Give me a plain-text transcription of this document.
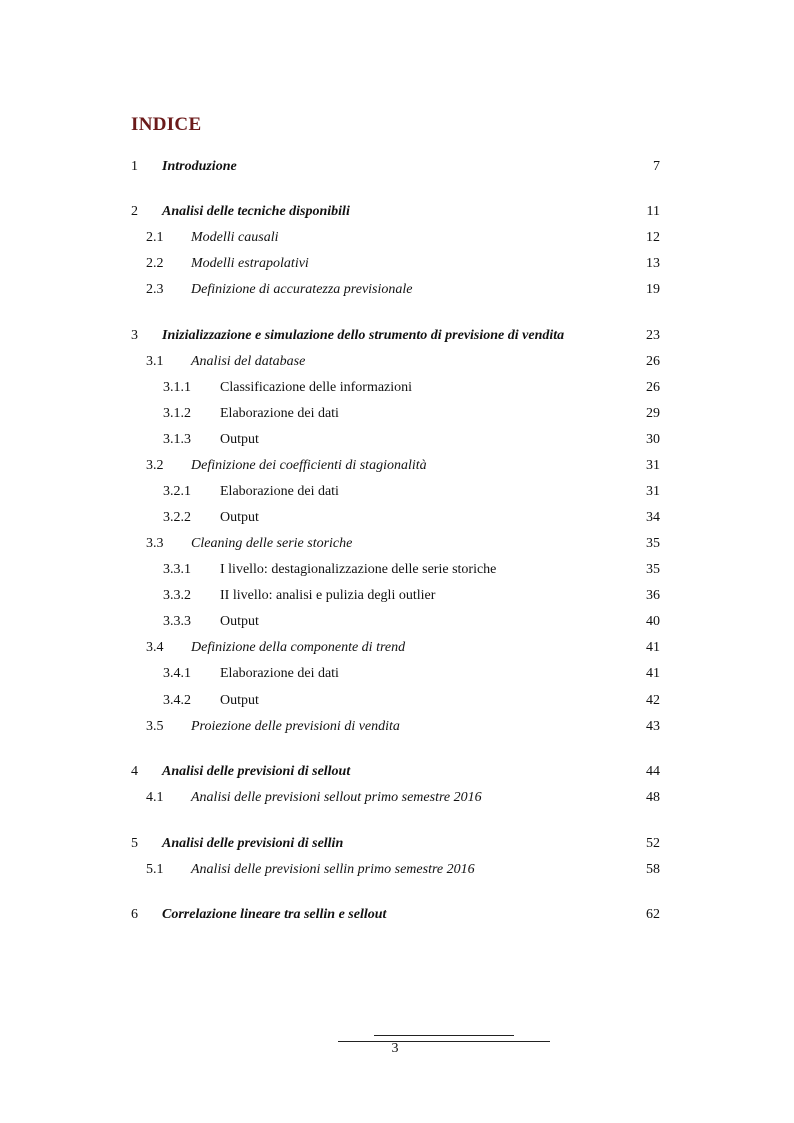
INDICE
1 Introduzione	7
2 Analisi delle tecniche disponibili	11
2.1 Modelli causali	12
2.2 Modelli estrapolativi	13
2.3 Definizione di accuratezza previsionale	19
3 Inizializzazione e simulazione dello strumento di previsione di vendita	23
3.1 Analisi del database	26
3.1.1 Classificazione delle informazioni	26
3.1.2 Elaborazione dei dati	29
3.1.3 Output	30
3.2 Definizione dei coefficienti di stagionalità	31
3.2.1 Elaborazione dei dati	31
3.2.2 Output	34
3.3 Cleaning delle serie storiche	35
3.3.1 I livello: destagionalizzazione delle serie storiche	35
3.3.2 II livello: analisi e pulizia degli outlier	36
3.3.3 Output	40
3.4 Definizione della componente di trend	41
3.4.1 Elaborazione dei dati	41
3.4.2 Output	42
3.5 Proiezione delle previsioni di vendita	43
4 Analisi delle previsioni di sellout	44
4.1 Analisi delle previsioni sellout primo semestre 2016	48
5 Analisi delle previsioni di sellin	52
5.1 Analisi delle previsioni sellin primo semestre 2016	58
6 Correlazione lineare tra sellin e sellout	62
3
